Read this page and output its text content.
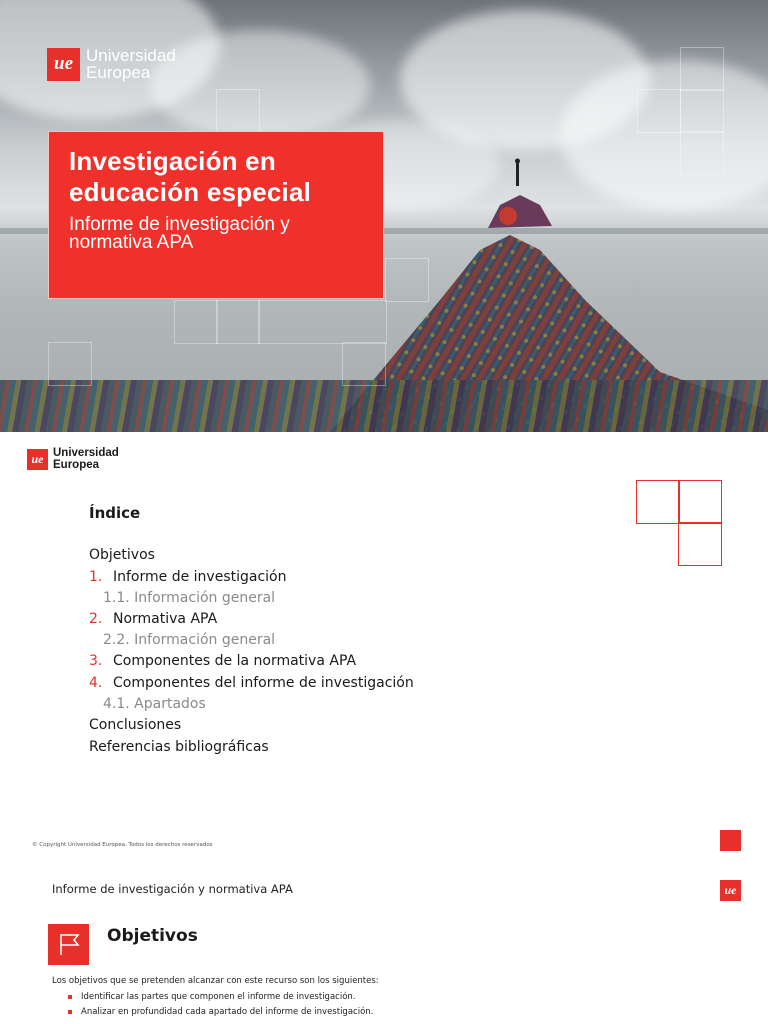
ue Universidad
Europea
Investigación en educación especial
Informe de investigación y normativa APA
ue Universidad
Europea
Índice
Objetivos
1. Informe de investigación
1.1. Información general
2. Normativa APA
2.2. Información general
3. Componentes de la normativa APA
4. Componentes del informe de investigación
4.1. Apartados
Conclusiones
Referencias bibliográficas
© Copyright Universidad Europea. Todos los derechos reservados
Informe de investigación y normativa APA	ue
Objetivos
Los objetivos que se pretenden alcanzar con este recurso son los siguientes:
Identificar las partes que componen el informe de investigación.
Analizar en profundidad cada apartado del informe de investigación.
